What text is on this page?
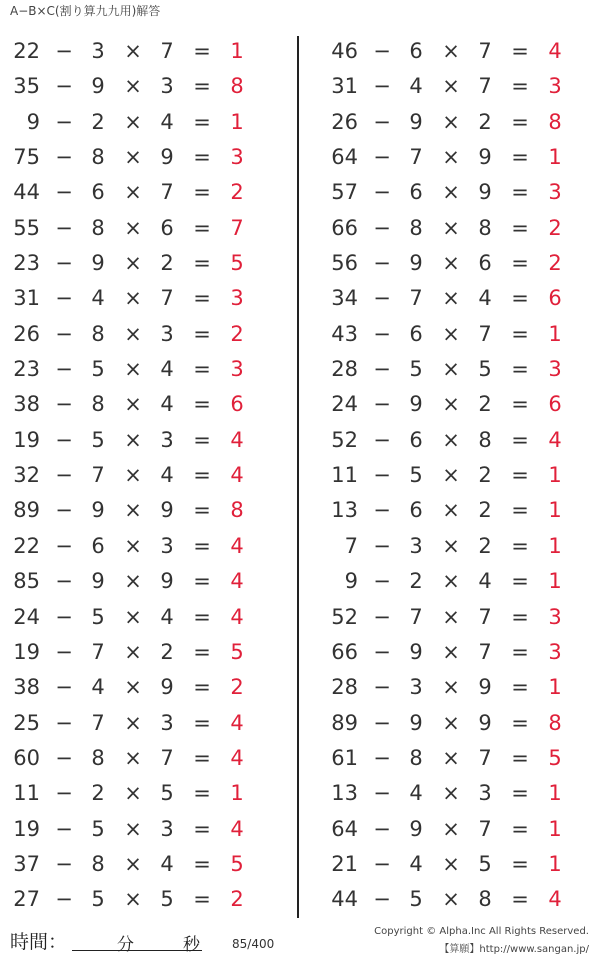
A−B×C(割り算九九用)解答
22 − 3 × 7 = 1
35 − 9 × 3 = 8
9 − 2 × 4 = 1
75 − 8 × 9 = 3
44 − 6 × 7 = 2
55 − 8 × 6 = 7
23 − 9 × 2 = 5
31 − 4 × 7 = 3
26 − 8 × 3 = 2
23 − 5 × 4 = 3
38 − 8 × 4 = 6
19 − 5 × 3 = 4
32 − 7 × 4 = 4
89 − 9 × 9 = 8
22 − 6 × 3 = 4
85 − 9 × 9 = 4
24 − 5 × 4 = 4
19 − 7 × 2 = 5
38 − 4 × 9 = 2
25 − 7 × 3 = 4
60 − 8 × 7 = 4
11 − 2 × 5 = 1
19 − 5 × 3 = 4
37 − 8 × 4 = 5
27 − 5 × 5 = 2
46 − 6 × 7 = 4
31 − 4 × 7 = 3
26 − 9 × 2 = 8
64 − 7 × 9 = 1
57 − 6 × 9 = 3
66 − 8 × 8 = 2
56 − 9 × 6 = 2
34 − 7 × 4 = 6
43 − 6 × 7 = 1
28 − 5 × 5 = 3
24 − 9 × 2 = 6
52 − 6 × 8 = 4
11 − 5 × 2 = 1
13 − 6 × 2 = 1
7 − 3 × 2 = 1
9 − 2 × 4 = 1
52 − 7 × 7 = 3
66 − 9 × 7 = 3
28 − 3 × 9 = 1
89 − 9 × 9 = 8
61 − 8 × 7 = 5
13 − 4 × 3 = 1
64 − 9 × 7 = 1
21 − 4 × 5 = 1
44 − 5 × 8 = 4
時間：	分	秒	85/400
Copyright © Alpha.Inc All Rights Reserved.
【算願】http://www.sangan.jp/
